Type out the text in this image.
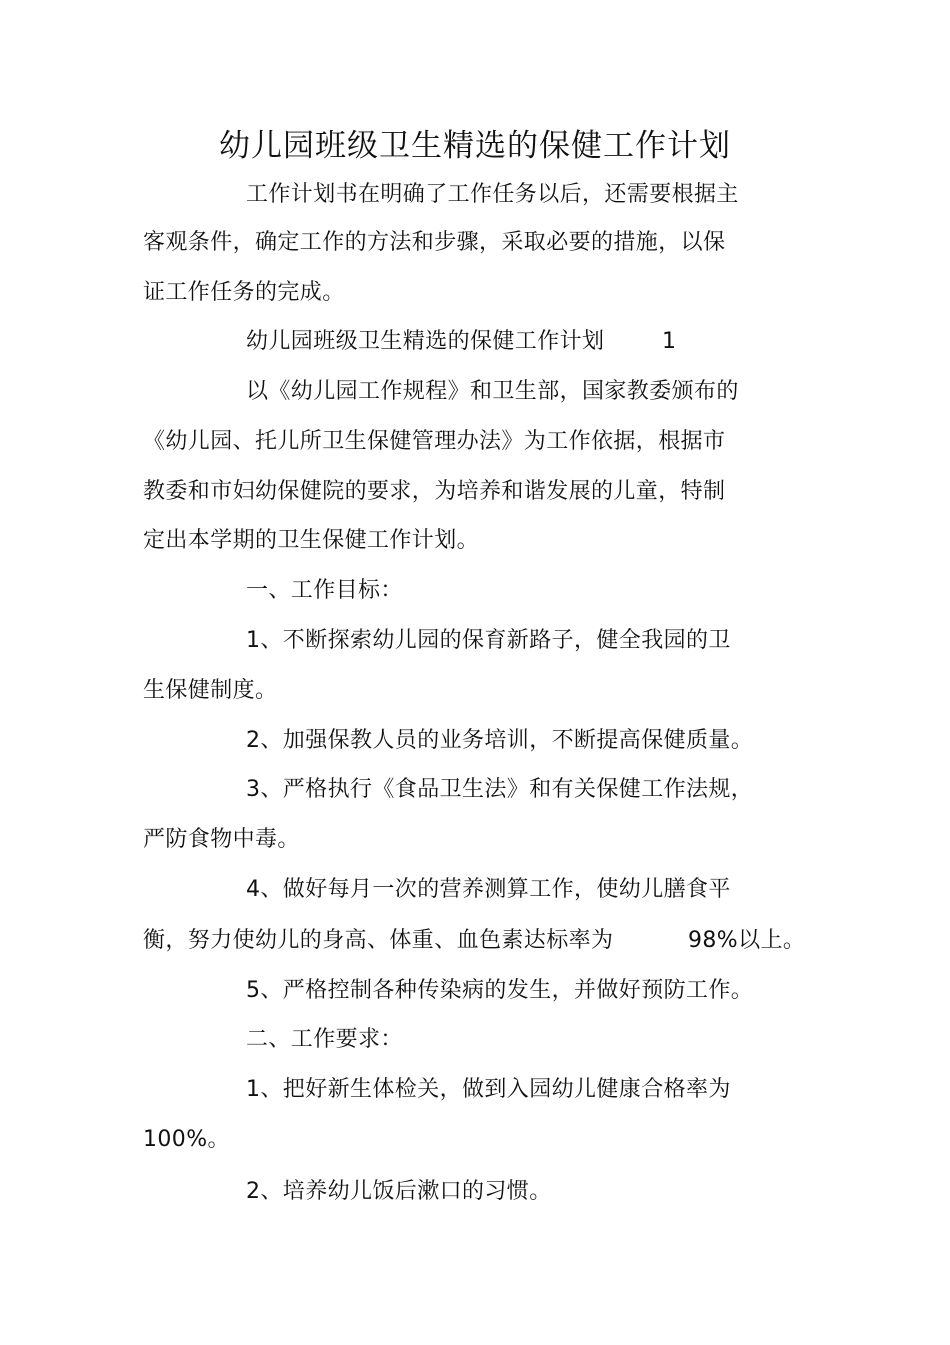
幼儿园班级卫生精选的保健工作计划

工作计划书在明确了工作任务以后，还需要根据主

客观条件，确定工作的方法和步骤，采取必要的措施，以保

证工作任务的完成。

幼儿园班级卫生精选的保健工作计划	1

以《幼儿园工作规程》和卫生部，国家教委颁布的

《幼儿园、托儿所卫生保健管理办法》为工作依据，根据市

教委和市妇幼保健院的要求，为培养和谐发展的儿童，特制

定出本学期的卫生保健工作计划。

一、工作目标：

1、不断探索幼儿园的保育新路子，健全我园的卫

生保健制度。

2、加强保教人员的业务培训，不断提高保健质量。

3、严格执行《食品卫生法》和有关保健工作法规，

严防食物中毒。

4、做好每月一次的营养测算工作，使幼儿膳食平

衡，努力使幼儿的身高、体重、血色素达标率为	98%以上。

5、严格控制各种传染病的发生，并做好预防工作。

二、工作要求：

1、把好新生体检关，做到入园幼儿健康合格率为

100%。

2、培养幼儿饭后漱口的习惯。
